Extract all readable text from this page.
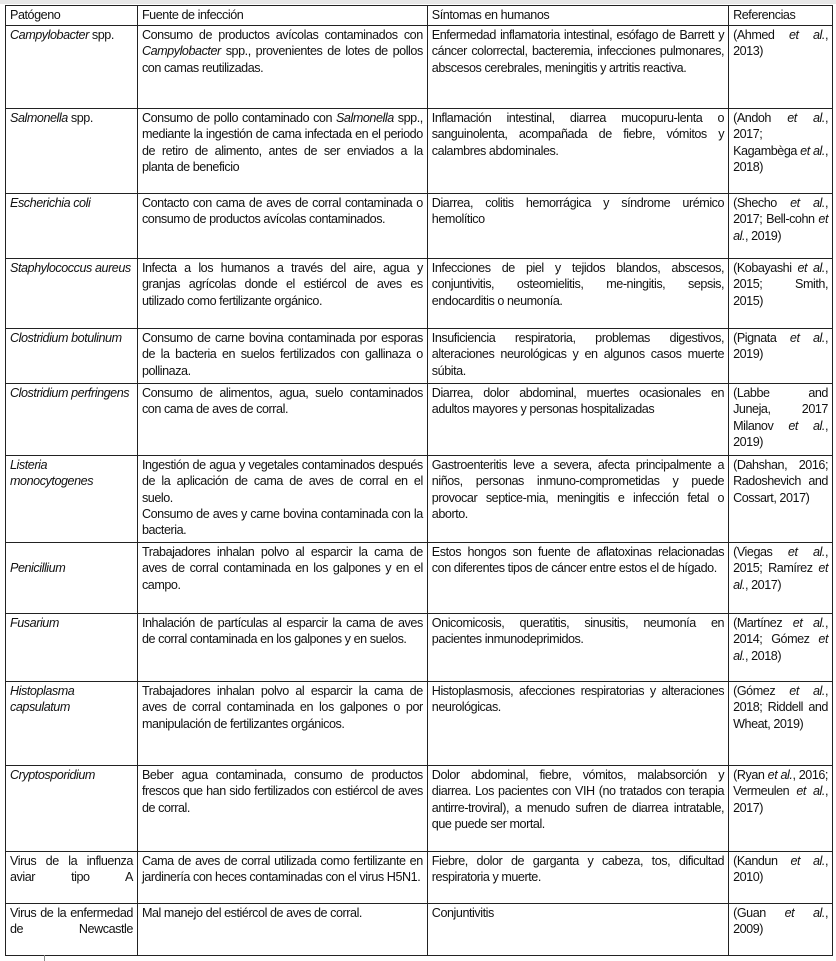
Patógeno	Fuente de infección	Síntomas en humanos	Referencias

Campylobacter spp.	Consumo de productos avícolas contaminados con Campylobacter spp., provenientes de lotes de pollos con camas reutilizadas.	Enfermedad inflamatoria intestinal, esófago de Barrett y cáncer colorrectal, bacteremia, infecciones pulmonares, abscesos cerebrales, meningitis y artritis reactiva.	(Ahmed et al., 2013)

Salmonella spp.	Consumo de pollo contaminado con Salmonella spp., mediante la ingestión de cama infectada en el periodo de retiro de alimento, antes de ser enviados a la planta de beneficio	Inflamación intestinal, diarrea mucopuru-lenta o sanguinolenta, acompañada de fiebre, vómitos y calambres abdominales.	(Andoh et al., 2017; Kagambèga et al., 2018)

Escherichia coli	Contacto con cama de aves de corral contaminada o consumo de productos avícolas contaminados.	Diarrea, colitis hemorrágica y síndrome urémico hemolítico	(Shecho et al., 2017; Bell-cohn et al., 2019)

Staphylococcus aureus	Infecta a los humanos a través del aire, agua y granjas agrícolas donde el estiércol de aves es utilizado como fertilizante orgánico.	Infecciones de piel y tejidos blandos, abscesos, conjuntivitis, osteomielitis, me-ningitis, sepsis, endocarditis o neumonía.	(Kobayashi et al., 2015; Smith, 2015)

Clostridium botulinum	Consumo de carne bovina contaminada por esporas de la bacteria en suelos fertilizados con gallinaza o pollinaza.	Insuficiencia respiratoria, problemas digestivos, alteraciones neurológicas y en algunos casos muerte súbita.	(Pignata et al., 2019)

Clostridium perfringens	Consumo de alimentos, agua, suelo contaminados con cama de aves de corral.	Diarrea, dolor abdominal, muertes ocasionales en adultos mayores y personas hospitalizadas	(Labbe and Juneja, 2017 Milanov et al., 2019)

Listeria monocytogenes	Ingestión de agua y vegetales contaminados después de la aplicación de cama de aves de corral en el suelo.
Consumo de aves y carne bovina contaminada con la bacteria.	Gastroenteritis leve a severa, afecta principalmente a niños, personas inmuno-comprometidas y puede provocar septice-mia, meningitis e infección fetal o aborto.	(Dahshan, 2016; Radoshevich and Cossart, 2017)

Penicillium	Trabajadores inhalan polvo al esparcir la cama de aves de corral contaminada en los galpones y en el campo.	Estos hongos son fuente de aflatoxinas relacionadas con diferentes tipos de cáncer entre estos el de hígado.	(Viegas et al., 2015; Ramírez et al., 2017)

Fusarium	Inhalación de partículas al esparcir la cama de aves de corral contaminada en los galpones y en suelos.	Onicomicosis, queratitis, sinusitis, neumonía en pacientes inmunodeprimidos.	(Martínez et al., 2014; Gómez et al., 2018)

Histoplasma capsulatum	Trabajadores inhalan polvo al esparcir la cama de aves de corral contaminada en los galpones o por manipulación de fertilizantes orgánicos.	Histoplasmosis, afecciones respiratorias y alteraciones neurológicas.	(Gómez et al., 2018; Riddell and Wheat, 2019)

Cryptosporidium	Beber agua contaminada, consumo de productos frescos que han sido fertilizados con estiércol de aves de corral.	Dolor abdominal, fiebre, vómitos, malabsorción y diarrea. Los pacientes con VIH (no tratados con terapia antirre-troviral), a menudo sufren de diarrea intratable, que puede ser mortal.	(Ryan et al., 2016; Vermeulen et al., 2017)

Virus de la influenza aviar tipo A	Cama de aves de corral utilizada como fertilizante en jardinería con heces contaminadas con el virus H5N1.	Fiebre, dolor de garganta y cabeza, tos, dificultad respiratoria y muerte.	(Kandun et al., 2010)

Virus de la enfermedad de Newcastle	Mal manejo del estiércol de aves de corral.	Conjuntivitis	(Guan et al., 2009)
